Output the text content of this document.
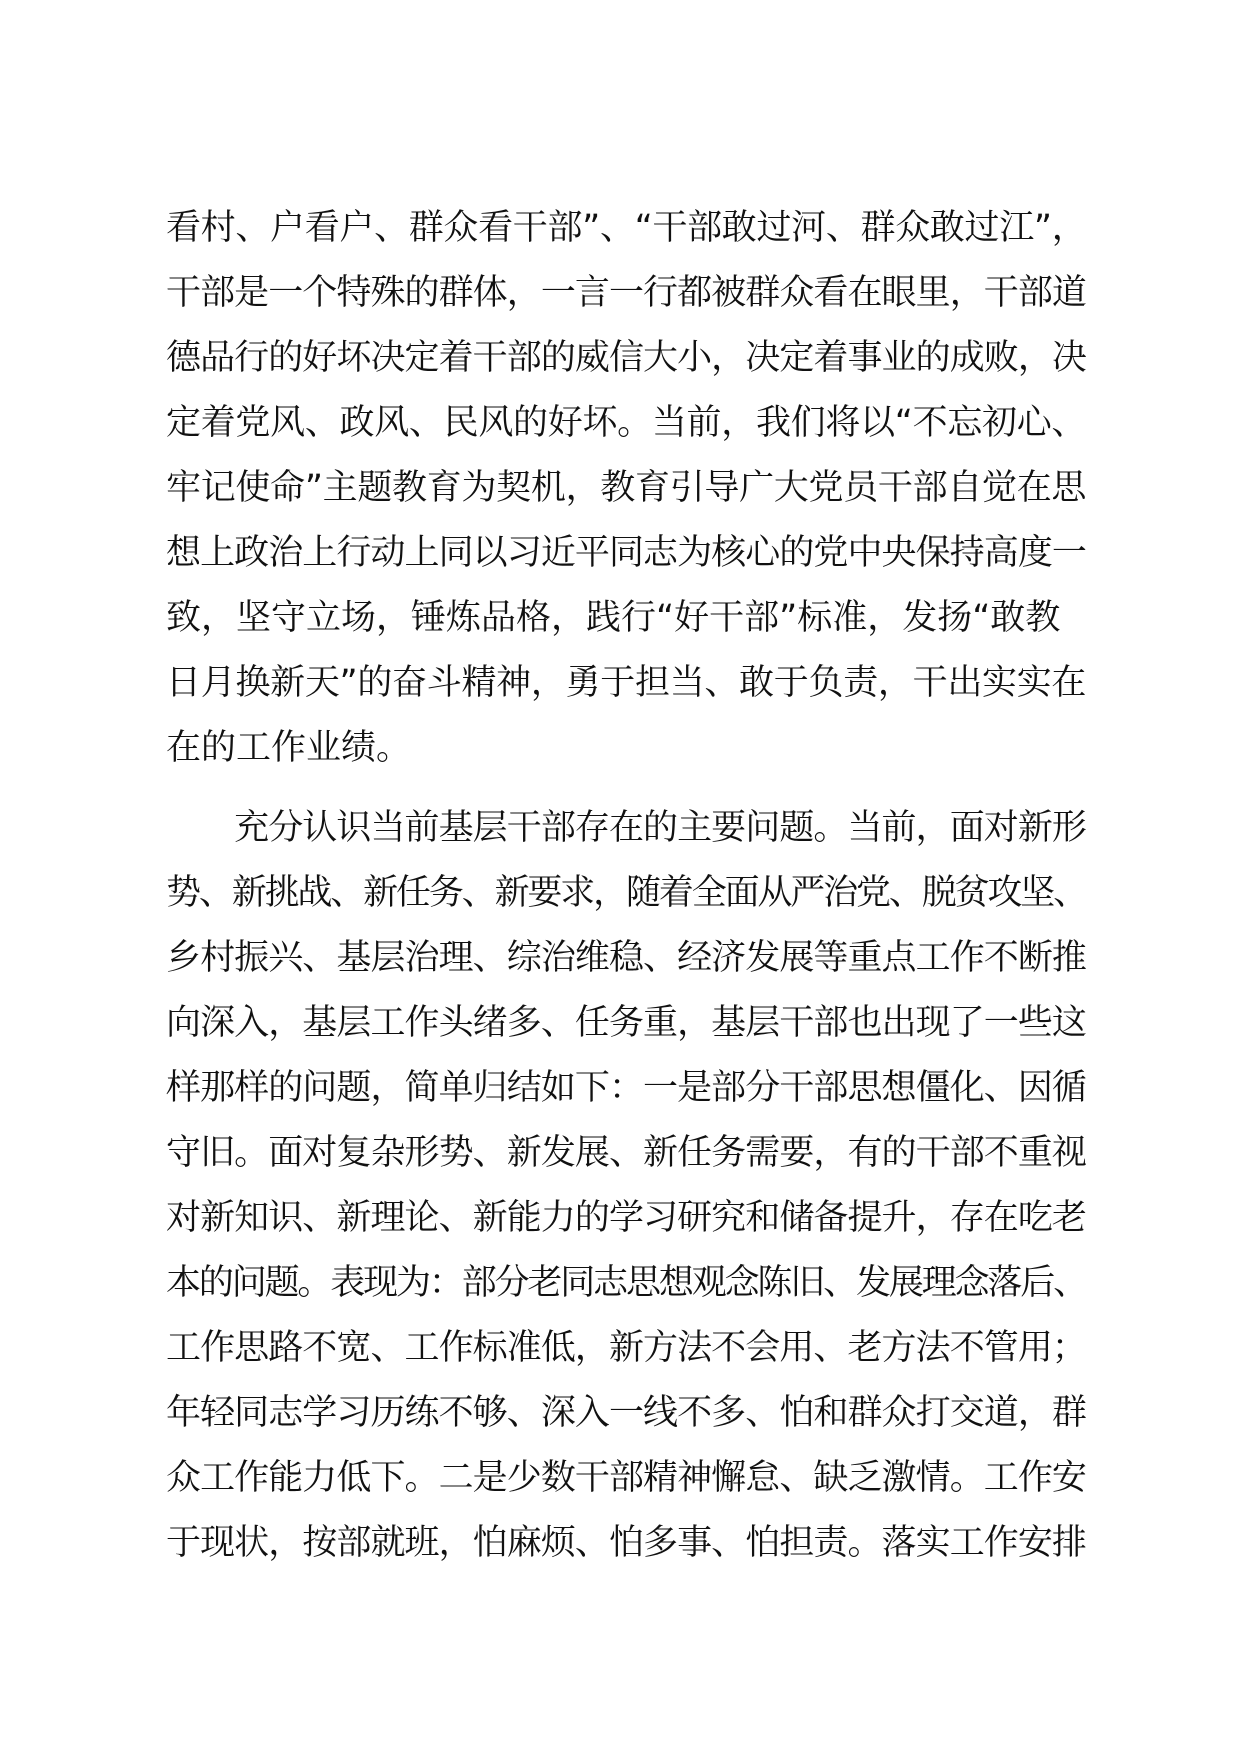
看村、户看户、群众看干部”、“干部敢过河、群众敢过江”，
干部是一个特殊的群体，一言一行都被群众看在眼里，干部道
德品行的好坏决定着干部的威信大小，决定着事业的成败，决
定着党风、政风、民风的好坏。当前，我们将以“不忘初心、
牢记使命”主题教育为契机，教育引导广大党员干部自觉在思
想上政治上行动上同以习近平同志为核心的党中央保持高度一
致，坚守立场，锤炼品格，践行“好干部”标准，发扬“敢教
日月换新天”的奋斗精神，勇于担当、敢于负责，干出实实在
在的工作业绩。
　　充分认识当前基层干部存在的主要问题。当前，面对新形
势、新挑战、新任务、新要求，随着全面从严治党、脱贫攻坚、
乡村振兴、基层治理、综治维稳、经济发展等重点工作不断推
向深入，基层工作头绪多、任务重，基层干部也出现了一些这
样那样的问题，简单归结如下：一是部分干部思想僵化、因循
守旧。面对复杂形势、新发展、新任务需要，有的干部不重视
对新知识、新理论、新能力的学习研究和储备提升，存在吃老
本的问题。表现为：部分老同志思想观念陈旧、发展理念落后、
工作思路不宽、工作标准低，新方法不会用、老方法不管用；
年轻同志学习历练不够、深入一线不多、怕和群众打交道，群
众工作能力低下。二是少数干部精神懈怠、缺乏激情。工作安
于现状，按部就班，怕麻烦、怕多事、怕担责。落实工作安排
